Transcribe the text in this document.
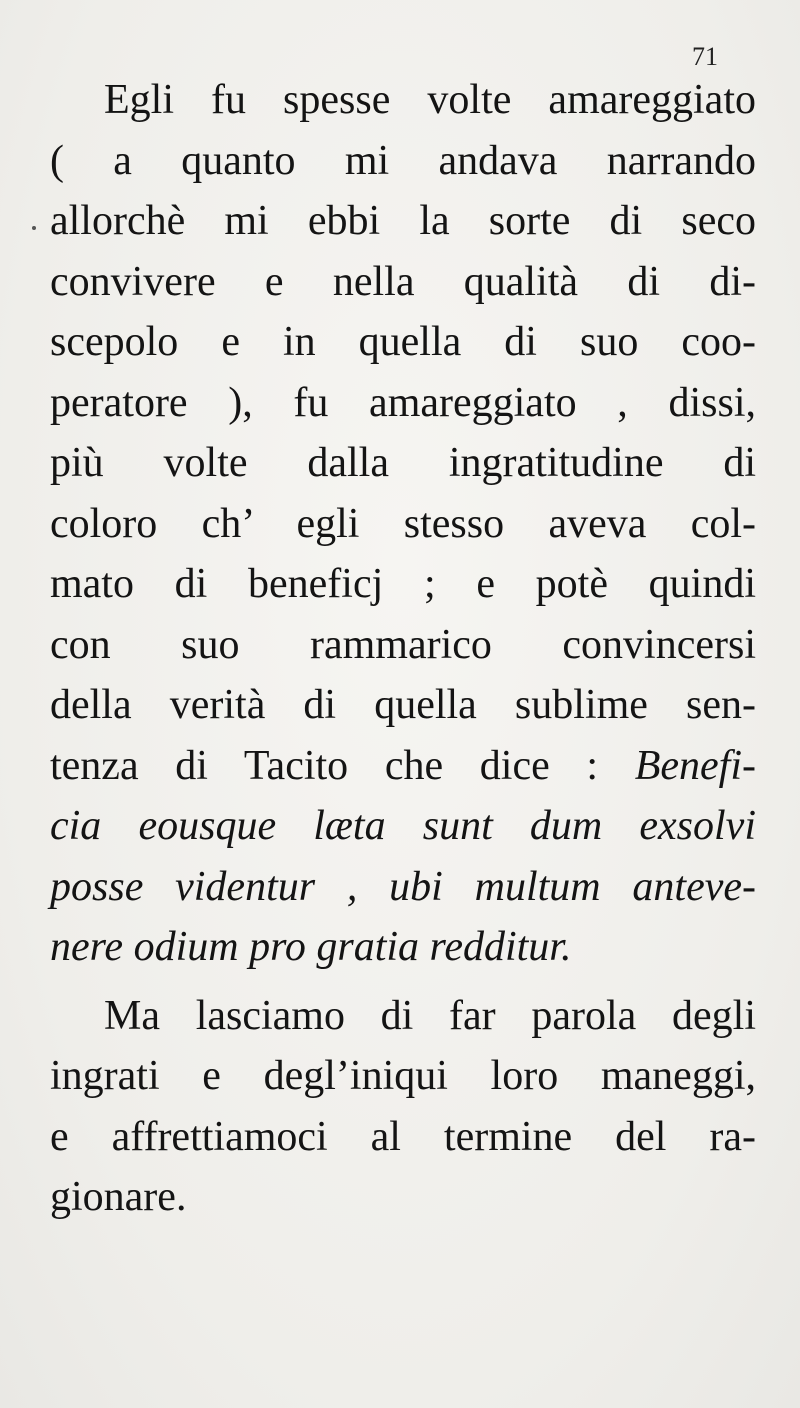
71
Egli fu spesse volte amareggiato
( a quanto mi andava narrando
allorchè mi ebbi la sorte di seco
convivere e nella qualità di di-
scepolo e in quella di suo coo-
peratore ), fu amareggiato , dissi,
più volte dalla ingratitudine di
coloro ch’ egli stesso aveva col-
mato di beneficj ; e potè quindi
con suo rammarico convincersi
della verità di quella sublime sen-
tenza di Tacito che dice : Benefi-
cia eousque læta sunt dum exsolvi
posse videntur , ubi multum anteve-
nere odium pro gratia redditur.
Ma lasciamo di far parola degli
ingrati e degl’iniqui loro maneggi,
e affrettiamoci al termine del ra-
gionare.
